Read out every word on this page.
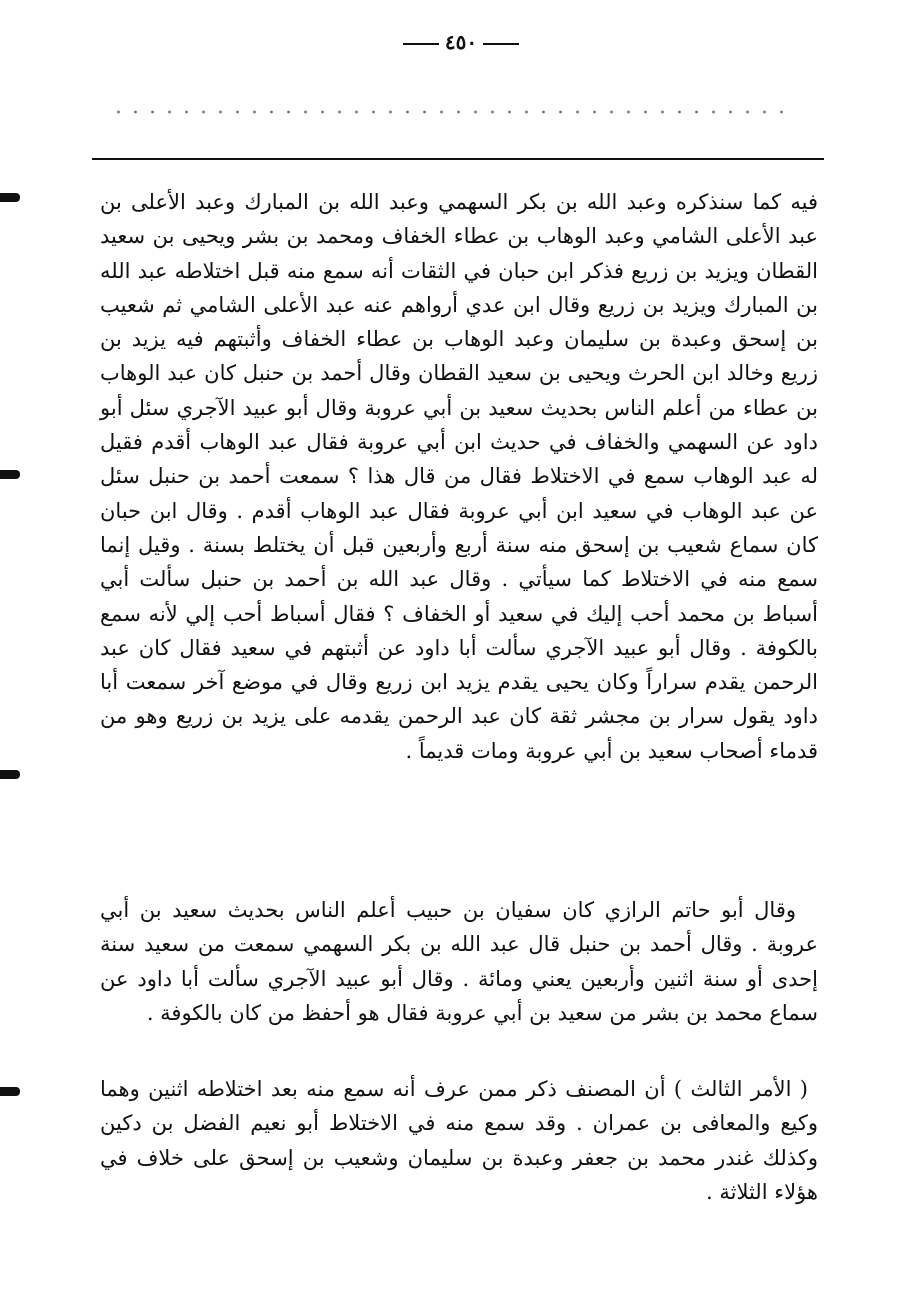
٤٥٠

فيه كما سنذكره وعبد الله بن بكر السهمي وعبد الله بن المبارك وعبد الأعلى بن عبد الأعلى الشامي وعبد الوهاب بن عطاء الخفاف ومحمد بن بشر ويحيى بن سعيد القطان ويزيد بن زريع فذكر ابن حبان في الثقات أنه سمع منه قبل اختلاطه عبد الله بن المبارك ويزيد بن زريع وقال ابن عدي أرواهم عنه عبد الأعلى الشامي ثم شعيب بن إسحق وعبدة بن سليمان وعبد الوهاب بن عطاء الخفاف وأثبتهم فيه يزيد بن زريع وخالد ابن الحرث ويحيى بن سعيد القطان وقال أحمد بن حنبل كان عبد الوهاب بن عطاء من أعلم الناس بحديث سعيد بن أبي عروبة وقال أبو عبيد الآجري سئل أبو داود عن السهمي والخفاف في حديث ابن أبي عروبة فقال عبد الوهاب أقدم فقيل له عبد الوهاب سمع في الاختلاط فقال من قال هذا ؟ سمعت أحمد بن حنبل سئل عن عبد الوهاب في سعيد ابن أبي عروبة فقال عبد الوهاب أقدم . وقال ابن حبان كان سماع شعيب بن إسحق منه سنة أربع وأربعين قبل أن يختلط بسنة . وقيل إنما سمع منه في الاختلاط كما سيأتي . وقال عبد الله بن أحمد بن حنبل سألت أبي أسباط بن محمد أحب إليك في سعيد أو الخفاف ؟ فقال أسباط أحب إلي لأنه سمع بالكوفة . وقال أبو عبيد الآجري سألت أبا داود عن أثبتهم في سعيد فقال كان عبد الرحمن يقدم سراراً وكان يحيى يقدم يزيد ابن زريع وقال في موضع آخر سمعت أبا داود يقول سرار بن مجشر ثقة كان عبد الرحمن يقدمه على يزيد بن زريع وهو من قدماء أصحاب سعيد بن أبي عروبة ومات قديماً .

وقال أبو حاتم الرازي كان سفيان بن حبيب أعلم الناس بحديث سعيد بن أبي عروبة . وقال أحمد بن حنبل قال عبد الله بن بكر السهمي سمعت من سعيد سنة إحدى أو سنة اثنين وأربعين يعني ومائة . وقال أبو عبيد الآجري سألت أبا داود عن سماع محمد بن بشر من سعيد بن أبي عروبة فقال هو أحفظ من كان بالكوفة .

( الأمر الثالث ) أن المصنف ذكر ممن عرف أنه سمع منه بعد اختلاطه اثنين وهما وكيع والمعافى بن عمران . وقد سمع منه في الاختلاط أبو نعيم الفضل بن دكين وكذلك غندر محمد بن جعفر وعبدة بن سليمان وشعيب بن إسحق على خلاف في هؤلاء الثلاثة .
